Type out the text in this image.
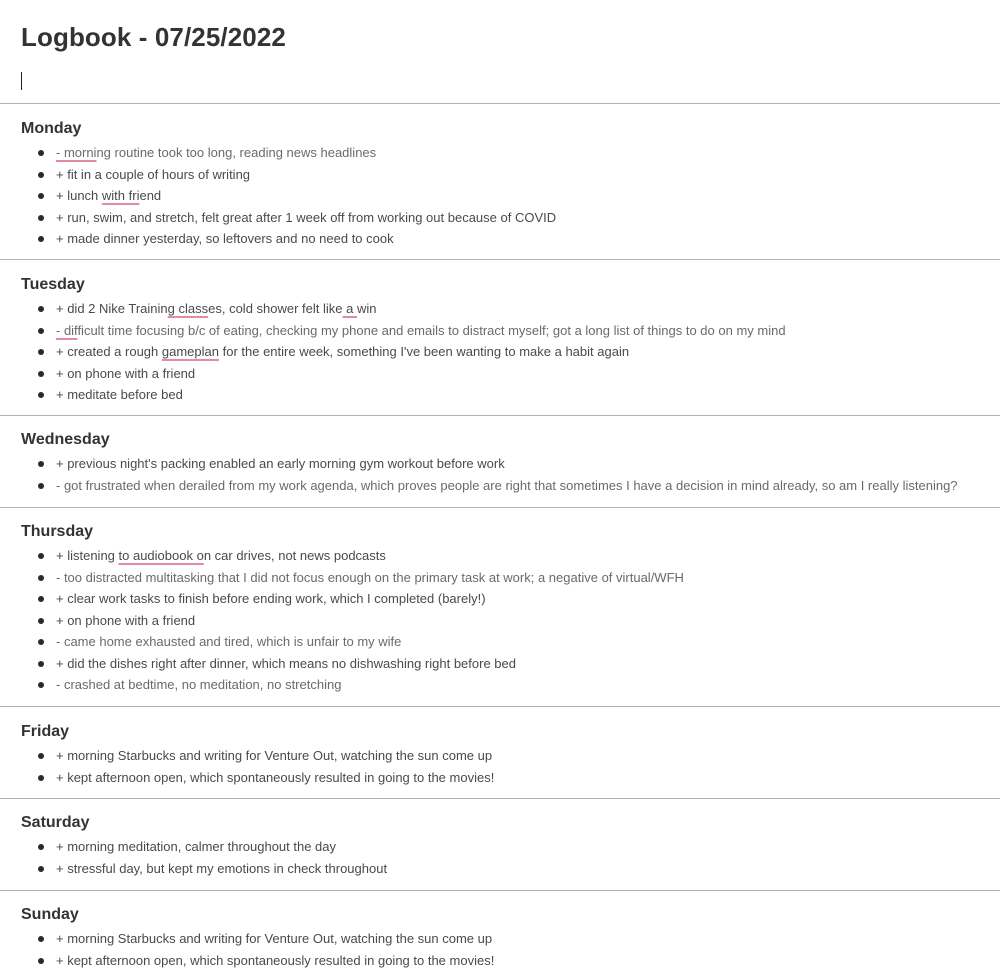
Logbook - 07/25/2022
Monday
- morning routine took too long, reading news headlines
+ fit in a couple of hours of writing
+ lunch with friend
+ run, swim, and stretch, felt great after 1 week off from working out because of COVID
+ made dinner yesterday, so leftovers and no need to cook
Tuesday
+ did 2 Nike Training classes, cold shower felt like a win
- difficult time focusing b/c of eating, checking my phone and emails to distract myself; got a long list of things to do on my mind
+ created a rough gameplan for the entire week, something I've been wanting to make a habit again
+ on phone with a friend
+ meditate before bed
Wednesday
+ previous night's packing enabled an early morning gym workout before work
- got frustrated when derailed from my work agenda, which proves people are right that sometimes I have a decision in mind already, so am I really listening?
Thursday
+ listening to audiobook on car drives, not news podcasts
- too distracted multitasking that I did not focus enough on the primary task at work; a negative of virtual/WFH
+ clear work tasks to finish before ending work, which I completed (barely!)
+ on phone with a friend
- came home exhausted and tired, which is unfair to my wife
+ did the dishes right after dinner, which means no dishwashing right before bed
- crashed at bedtime, no meditation, no stretching
Friday
+ morning Starbucks and writing for Venture Out, watching the sun come up
+ kept afternoon open, which spontaneously resulted in going to the movies!
Saturday
+ morning meditation, calmer throughout the day
+ stressful day, but kept my emotions in check throughout
Sunday
+ morning Starbucks and writing for Venture Out, watching the sun come up
+ kept afternoon open, which spontaneously resulted in going to the movies!
